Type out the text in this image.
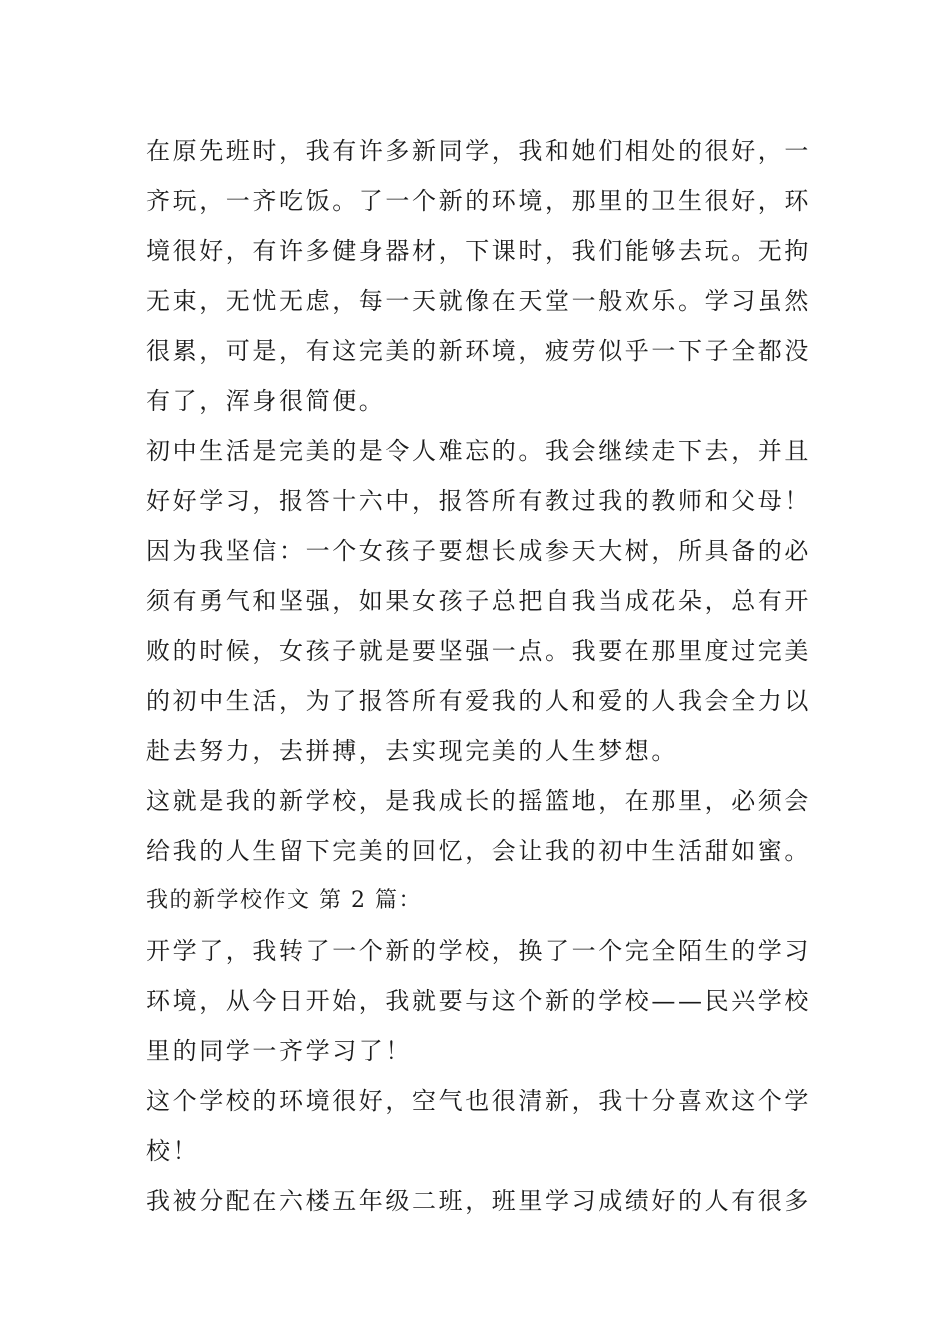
在原先班时，我有许多新同学，我和她们相处的很好，一
齐玩，一齐吃饭。了一个新的环境，那里的卫生很好，环
境很好，有许多健身器材，下课时，我们能够去玩。无拘
无束，无忧无虑，每一天就像在天堂一般欢乐。学习虽然
很累，可是，有这完美的新环境，疲劳似乎一下子全都没
有了，浑身很简便。
初中生活是完美的是令人难忘的。我会继续走下去，并且
好好学习，报答十六中，报答所有教过我的教师和父母！
因为我坚信：一个女孩子要想长成参天大树，所具备的必
须有勇气和坚强，如果女孩子总把自我当成花朵，总有开
败的时候，女孩子就是要坚强一点。我要在那里度过完美
的初中生活，为了报答所有爱我的人和爱的人我会全力以
赴去努力，去拼搏，去实现完美的人生梦想。
这就是我的新学校，是我成长的摇篮地，在那里，必须会
给我的人生留下完美的回忆，会让我的初中生活甜如蜜。
我的新学校作文 第 2 篇：
开学了，我转了一个新的学校，换了一个完全陌生的学习
环境，从今日开始，我就要与这个新的学校——民兴学校
里的同学一齐学习了！
这个学校的环境很好，空气也很清新，我十分喜欢这个学
校！
我被分配在六楼五年级二班，班里学习成绩好的人有很多
